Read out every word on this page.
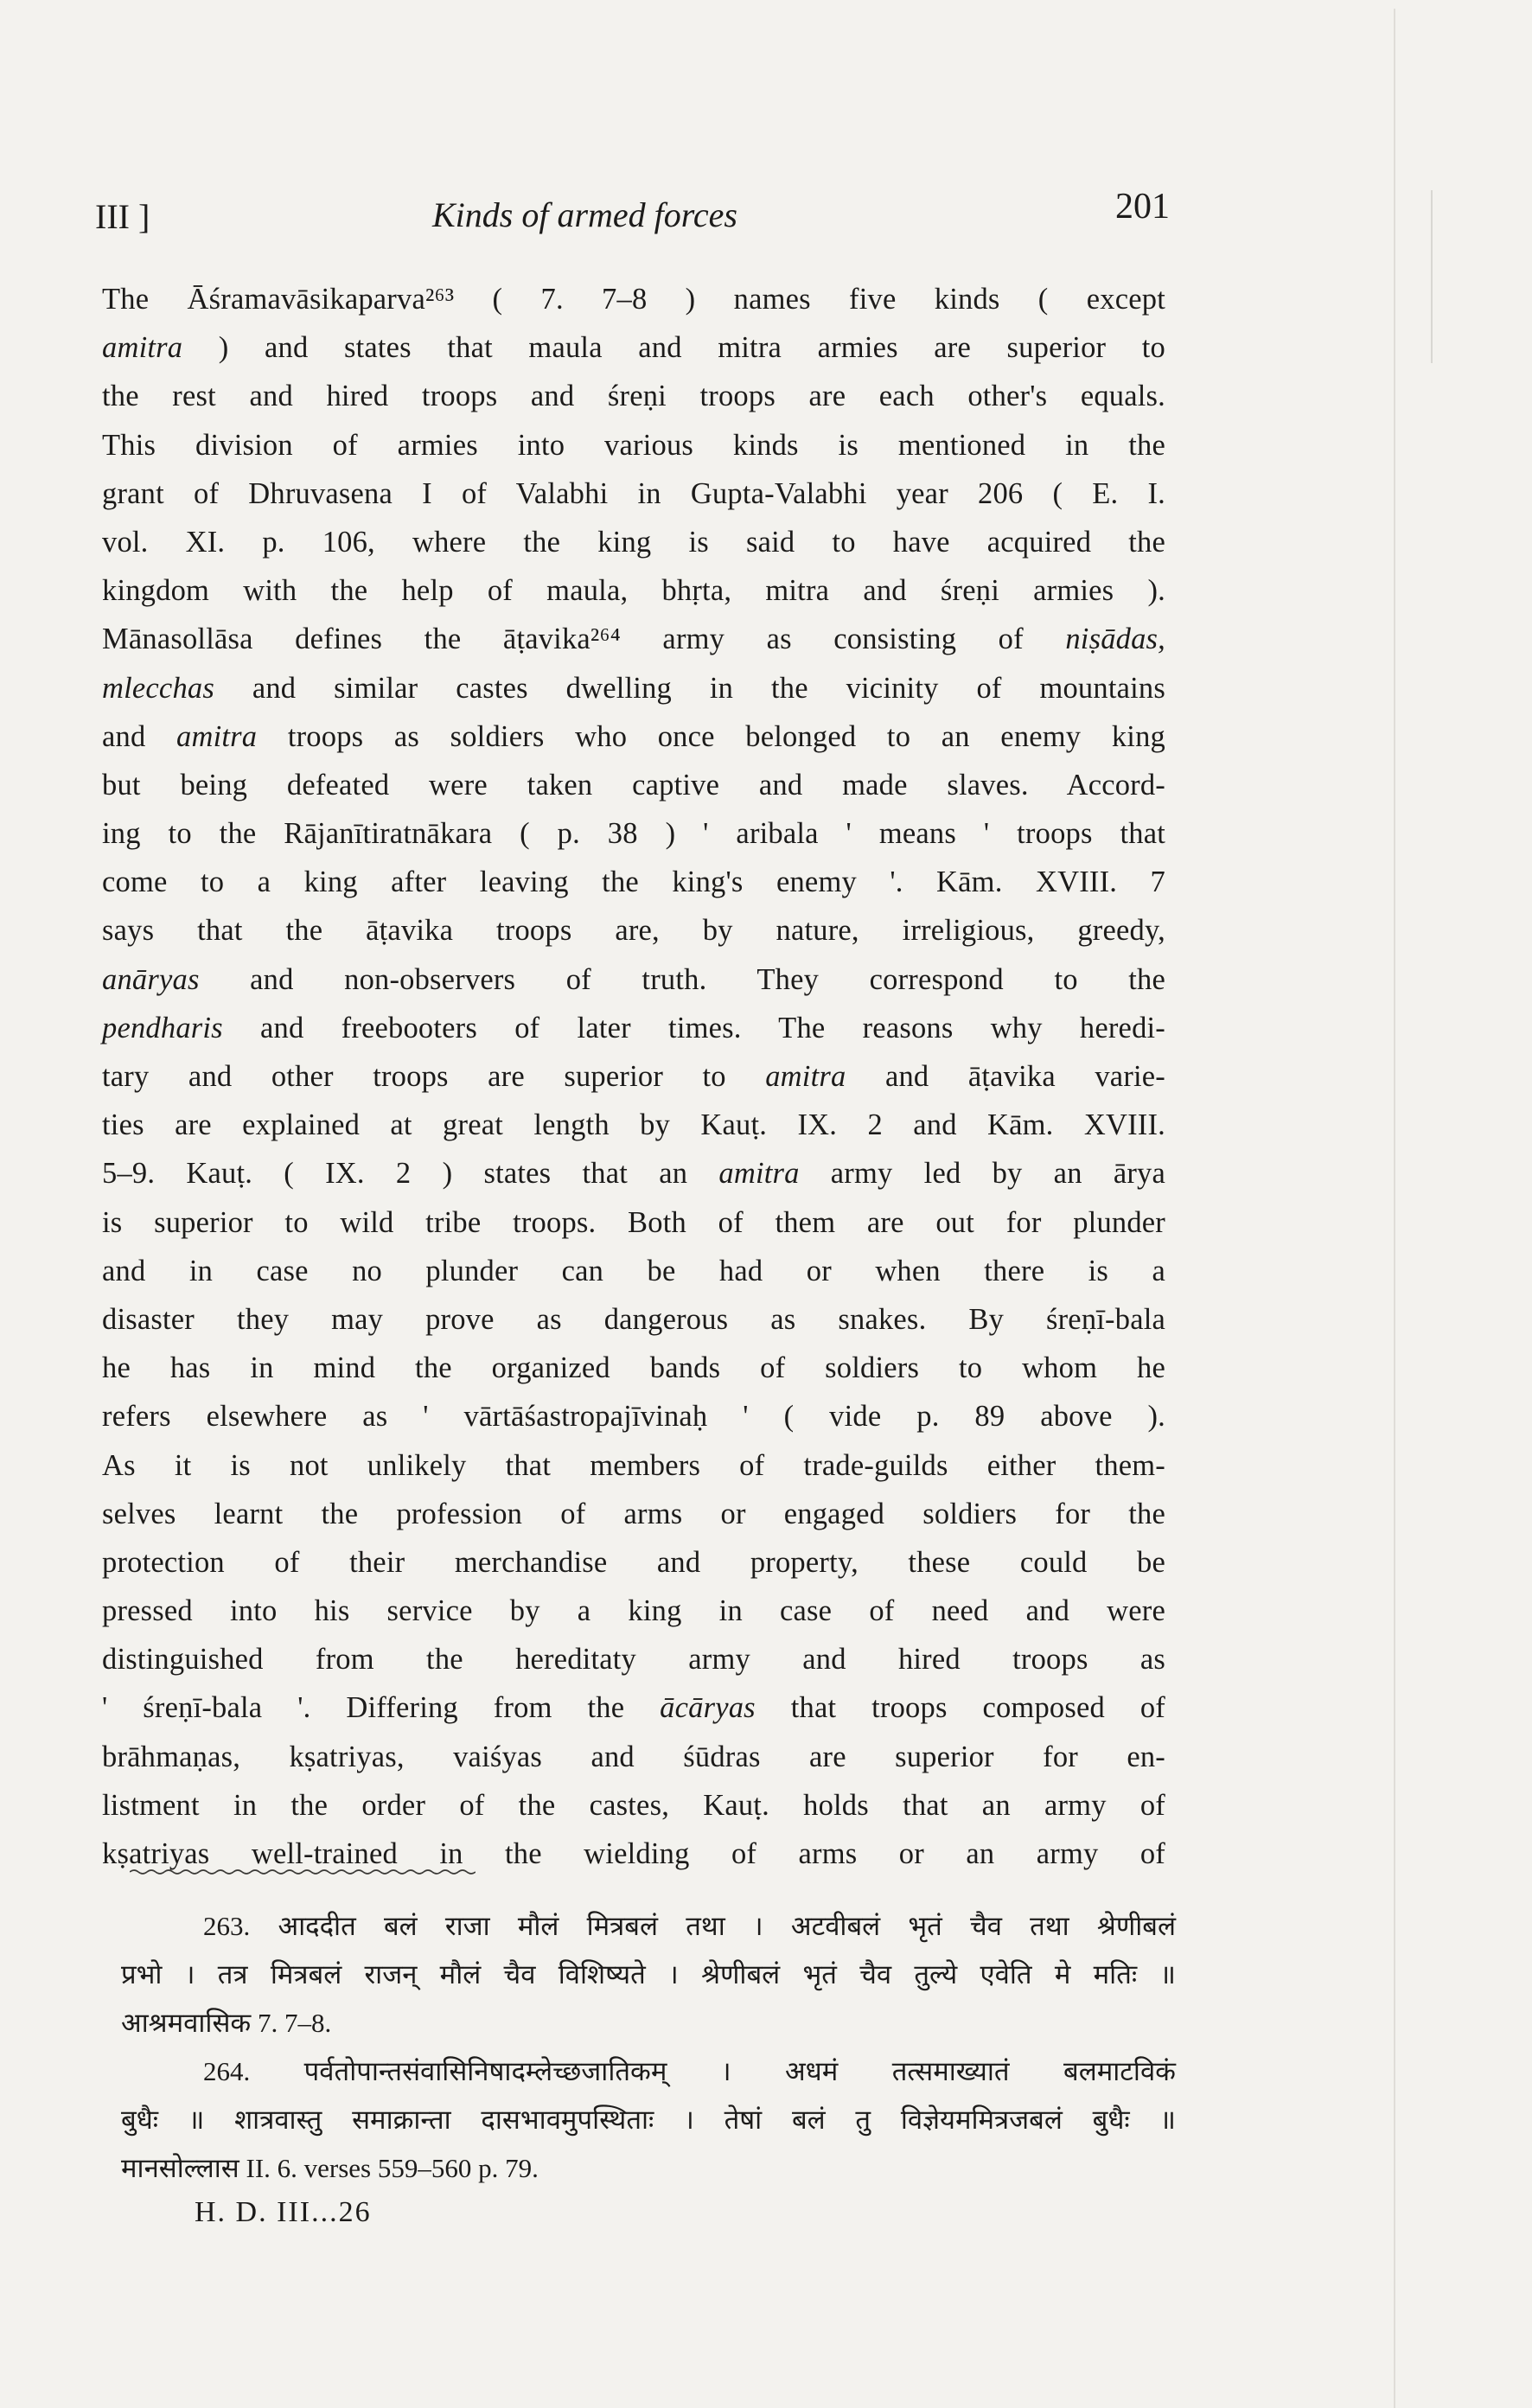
III ]	Kinds of armed forces	201
The Āśramavāsikaparva²⁶³ ( 7. 7–8 ) names five kinds ( except
amitra ) and states that maula and mitra armies are superior to
the rest and hired troops and śreṇi troops are each other's equals.
This division of armies into various kinds is mentioned in the
grant of Dhruvasena I of Valabhi in Gupta-Valabhi year 206 ( E. I.
vol. XI. p. 106, where the king is said to have acquired the
kingdom with the help of maula, bhṛta, mitra and śreṇi armies ).
Mānasollāsa defines the āṭavika²⁶⁴ army as consisting of niṣādas,
mlecchas and similar castes dwelling in the vicinity of mountains
and amitra troops as soldiers who once belonged to an enemy king
but being defeated were taken captive and made slaves. Accord-
ing to the Rājanītiratnākara ( p. 38 ) ' aribala ' means ' troops that
come to a king after leaving the king's enemy '. Kām. XVIII. 7
says that the āṭavika troops are, by nature, irreligious, greedy,
anāryas and non-observers of truth. They correspond to the
pendharis and freebooters of later times. The reasons why heredi-
tary and other troops are superior to amitra and āṭavika varie-
ties are explained at great length by Kauṭ. IX. 2 and Kām. XVIII.
5–9. Kauṭ. ( IX. 2 ) states that an amitra army led by an ārya
is superior to wild tribe troops. Both of them are out for plunder
and in case no plunder can be had or when there is a
disaster they may prove as dangerous as snakes. By śreṇī-bala
he has in mind the organized bands of soldiers to whom he
refers elsewhere as ' vārtāśastropajīvinaḥ ' ( vide p. 89 above ).
As it is not unlikely that members of trade-guilds either them-
selves learnt the profession of arms or engaged soldiers for the
protection of their merchandise and property, these could be
pressed into his service by a king in case of need and were
distinguished from the hereditaty army and hired troops as
' śreṇī-bala '. Differing from the ācāryas that troops composed of
brāhmaṇas, kṣatriyas, vaiśyas and śūdras are superior for en-
listment in the order of the castes, Kauṭ. holds that an army of
kṣatriyas well-trained in the wielding of arms or an army of
263. आददीत बलं राजा मौलं मित्रबलं तथा । अटवीबलं भृतं चैव तथा श्रेणीबलं
प्रभो । तत्र मित्रबलं राजन् मौलं चैव विशिष्यते । श्रेणीबलं भृतं चैव तुल्ये एवेति मे मतिः ॥
आश्रमवासिक 7. 7–8.
264. पर्वतोपान्तसंवासिनिषादम्लेच्छजातिकम् । अधमं तत्समाख्यातं बलमाटविकं
बुधैः ॥ शात्रवास्तु समाक्रान्ता दासभावमुपस्थिताः । तेषां बलं तु विज्ञेयममित्रजबलं बुधैः ॥
मानसोल्लास II. 6. verses 559–560 p. 79.
H. D. III...26
